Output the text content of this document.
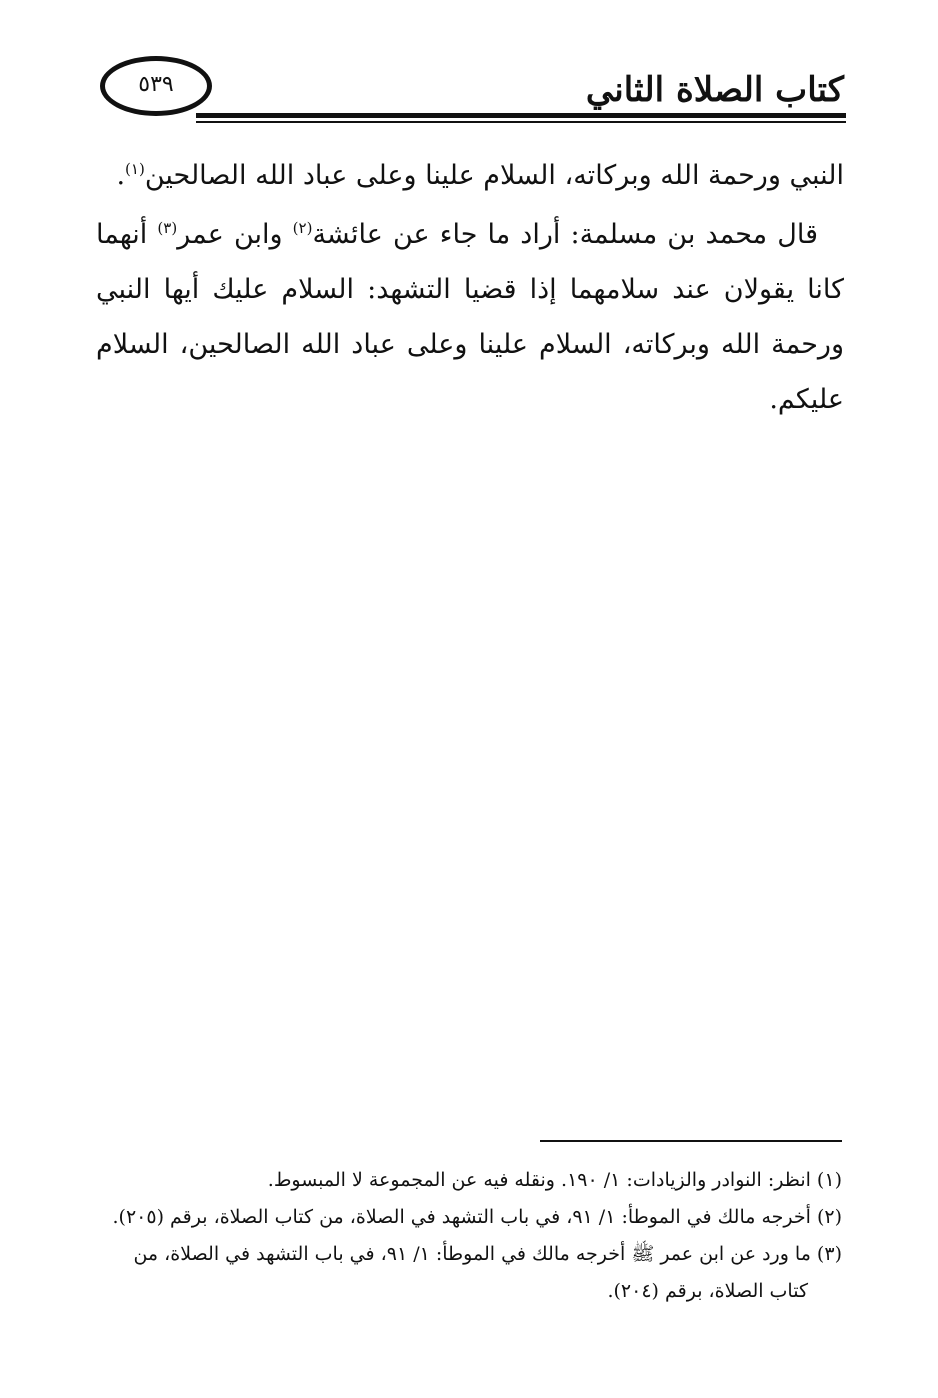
٥٣٩	كتاب الصلاة الثاني

النبي ورحمة الله وبركاته، السلام علينا وعلى عباد الله الصالحين$^{(١)}$.

قال محمد بن مسلمة: أراد ما جاء عن عائشة$^{(٢)}$ وابن عمر$^{(٣)}$ أنهما كانا يقولان عند سلامهما إذا قضيا التشهد: السلام عليك أيها النبي ورحمة الله وبركاته، السلام علينا وعلى عباد الله الصالحين، السلام عليكم.

(١) انظر: النوادر والزيادات: ١/ ١٩٠. ونقله فيه عن المجموعة لا المبسوط.

(٢) أخرجه مالك في الموطأ: ١/ ٩١، في باب التشهد في الصلاة، من كتاب الصلاة، برقم (٢٠٥).

(٣) ما ورد عن ابن عمر ﷺ أخرجه مالك في الموطأ: ١/ ٩١، في باب التشهد في الصلاة، من

كتاب الصلاة، برقم (٢٠٤).
